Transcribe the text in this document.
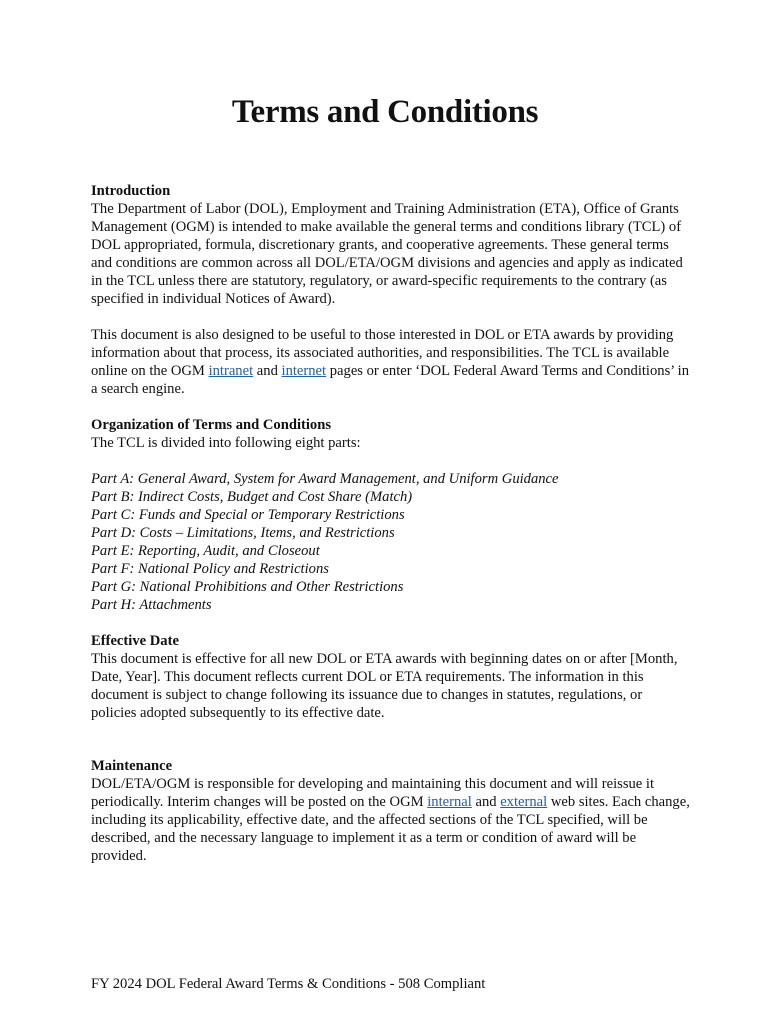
Terms and Conditions

Introduction

The Department of Labor (DOL), Employment and Training Administration (ETA), Office of Grants Management (OGM) is intended to make available the general terms and conditions library (TCL) of DOL appropriated, formula, discretionary grants, and cooperative agreements. These general terms and conditions are common across all DOL/ETA/OGM divisions and agencies and apply as indicated in the TCL unless there are statutory, regulatory, or award-specific requirements to the contrary (as specified in individual Notices of Award).

This document is also designed to be useful to those interested in DOL or ETA awards by providing information about that process, its associated authorities, and responsibilities. The TCL is available online on the OGM intranet and internet pages or enter ‘DOL Federal Award Terms and Conditions’ in a search engine.

Organization of Terms and Conditions

The TCL is divided into following eight parts:

Part A: General Award, System for Award Management, and Uniform Guidance

Part B: Indirect Costs, Budget and Cost Share (Match)

Part C: Funds and Special or Temporary Restrictions

Part D: Costs – Limitations, Items, and Restrictions

Part E: Reporting, Audit, and Closeout

Part F: National Policy and Restrictions

Part G: National Prohibitions and Other Restrictions

Part H: Attachments

Effective Date

This document is effective for all new DOL or ETA awards with beginning dates on or after [Month, Date, Year]. This document reflects current DOL or ETA requirements. The information in this document is subject to change following its issuance due to changes in statutes, regulations, or policies adopted subsequently to its effective date.

Maintenance

DOL/ETA/OGM is responsible for developing and maintaining this document and will reissue it periodically. Interim changes will be posted on the OGM internal and external web sites. Each change, including its applicability, effective date, and the affected sections of the TCL specified, will be described, and the necessary language to implement it as a term or condition of award will be provided.

FY 2024 DOL Federal Award Terms & Conditions - 508 Compliant
